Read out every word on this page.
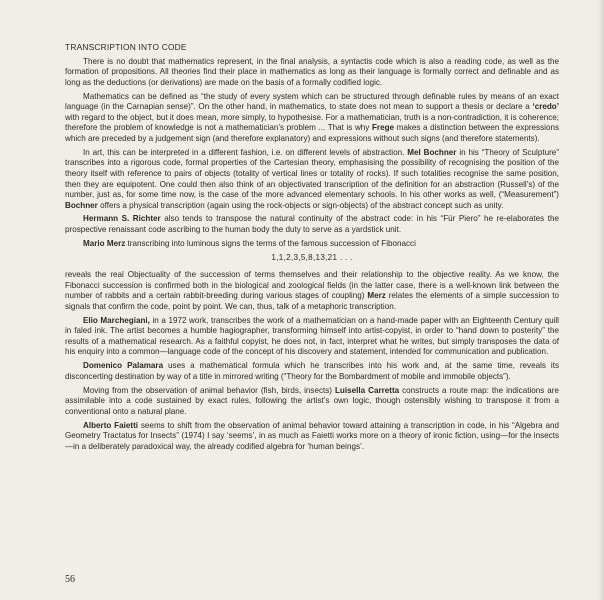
TRANSCRIPTION INTO CODE

There is no doubt that mathematics represent, in the final analysis, a syntactis code which is also a reading code, as well as the formation of propositions. All theories find their place in mathematics as long as their language is formally correct and definable and as long as the deductions (or derivations) are made on the basis of a formally codified logic.

Mathematics can be defined as “the study of every system which can be structured through definable rules by means of an exact language (in the Carnapian sense)”. On the other hand, in mathematics, to state does not mean to support a thesis or declare a ‘credo’ with regard to the object, but it does mean, more simply, to hypothesise. For a mathematician, truth is a non-contradiction, it is coherence; therefore the problem of knowledge is not a mathematician’s problem ... That is why Frege makes a distinction between the expressions which are preceded by a judgement sign (and therefore explanatory) and expressions without such signs (and therefore statements).

In art, this can be interpreted in a different fashion, i.e. on different levels of abstraction. Mel Bochner in his “Theory of Sculpture” transcribes into a rigorous code, formal properties of the Cartesian theory, emphasising the possibility of recognising the position of the theory itself with reference to pairs of objects (totality of vertical lines or totality of rocks). If such totalities recognise the same position, then they are equipotent. One could then also think of an objectivated transcription of the definition for an abstraction (Russell’s) of the number, just as, for some time now, is the case of the more advanced elementary schools. In his other works as well, (“Measurement”) Bochner offers a physical transcription (again using the rock-objects or sign-objects) of the abstract concept such as unity.

Hermann S. Richter also tends to transpose the natural continuity of the abstract code: in his “Für Piero” he re-elaborates the prospective renaissant code ascribing to the human body the duty to serve as a yardstick unit.

Mario Merz transcribing into luminous signs the terms of the famous succession of Fibonacci

1,1,2,3,5,8,13,21 . . .

reveals the real Objectuality of the succession of terms themselves and their relationship to the objective reality. As we know, the Fibonacci succession is confirmed both in the biological and zoological fields (in the latter case, there is a well-known link between the number of rabbits and a certain rabbit-breeding during various stages of coupling) Merz relates the elements of a simple succession to signals that confirm the code, point by point. We can, thus, talk of a metaphoric transcription.

Elio Marchegiani, in a 1972 work, transcribes the work of a mathematician on a hand-made paper with an Eighteenth Century quill in faled ink. The artist becomes a humble hagiographer, transforming himself into artist-copyist, in order to “hand down to posterity” the results of a mathematical research. As a faithful copyist, he does not, in fact, interpret what he writes, but simply transposes the data of his enquiry into a common—language code of the concept of his discovery and statement, intended for communication and publication.

Domenico Palamara uses a mathematical formula which he transcribes into his work and, at the same time, reveals its disconcerting destination by way of a title in mirrored writing (“Theory for the Bombardment of mobile and immobile objects”).

Moving from the observation of animal behavior (fish, birds, insects) Luisella Carretta constructs a route map: the indications are assimilable into a code sustained by exact rules, following the artist’s own logic, though ostensibly wishing to transpose it from a conventional onto a natural plane.

Alberto Faietti seems to shift from the observation of animal behavior toward attaining a transcription in code, in his “Algebra and Geometry Tractatus for Insects” (1974) I say ‘seems’, in as much as Faietti works more on a theory of ironic fiction, using—for the insects—in a deliberately paradoxical way, the already codified algebra for ‘human beings’.

56
